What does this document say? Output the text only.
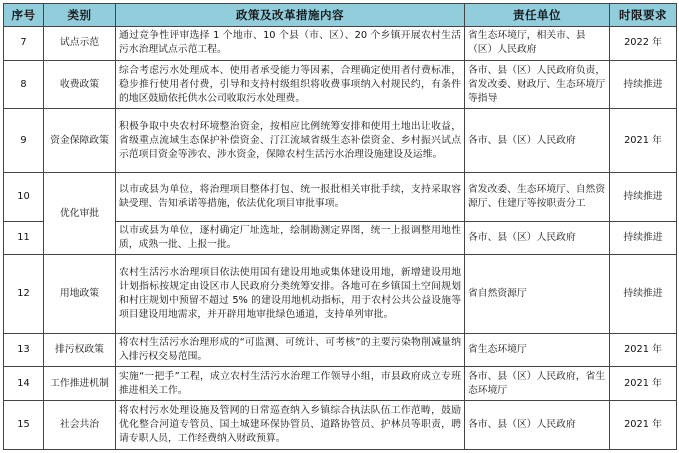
序号	类别	政策及改革措施内容	责任单位	时限要求
7	试点示范	通过竞争性评审选择 1 个地市、10 个县（市、区）、20 个乡镇开展农村生活污水治理试点示范工程。	省生态环境厅，相关市、县（区）人民政府	2022 年
8	收费政策	综合考虑污水处理成本、使用者承受能力等因素，合理确定使用者付费标准，稳步推行使用者付费，引导和支持村级组织将收费事项纳入村规民约，有条件的地区鼓励依托供水公司收取污水处理费。	各市、县（区）人民政府负责，省发改委、财政厅、生态环境厅等指导	持续推进
9	资金保障政策	积极争取中央农村环境整治资金，按相应比例统筹安排和使用土地出让收益，省级重点流域生态保护补偿资金、汀江流域省级生态补偿资金、乡村振兴试点示范项目资金等涉农、涉水资金，保障农村生活污水治理设施建设及运维。	各市、县（区）人民政府	2021 年
10	优化审批	以市或县为单位，将治理项目整体打包、统一报批相关审批手续，支持采取容缺受理、告知承诺等措施，依法优化项目审批事项。	省发改委、生态环境厅、自然资源厅、住建厅等按职责分工	持续推进
11		以市或县为单位，逐村确定厂址选址，绘制勘测定界图，统一上报调整用地性质，成熟一批、上报一批。	各市、县（区）人民政府	持续推进
12	用地政策	农村生活污水治理项目依法使用国有建设用地或集体建设用地，新增建设用地计划指标按规定由设区市人民政府分类统筹安排。各地可在乡镇国土空间规划和村庄规划中预留不超过 5% 的建设用地机动指标，用于农村公共公益设施等项目建设用地需求，并开辟用地审批绿色通道，支持单列审批。	省自然资源厅	持续推进
13	排污权政策	将农村生活污水治理形成的“可监测、可统计、可考核”的主要污染物削减量纳入排污权交易范围。	省生态环境厅	2021 年
14	工作推进机制	实施“一把手”工程，成立农村生活污水治理工作领导小组，市县政府成立专班推进相关工作。	各市、县（区）人民政府，省生态环境厅	2021 年
15	社会共治	将农村污水处理设施及管网的日常巡查纳入乡镇综合执法队伍工作范畴，鼓励优化整合河道专管员、国土城建环保协管员、道路协管员、护林员等职责，聘请专职人员，工作经费纳入财政预算。	各市、县（区）人民政府	2021 年
